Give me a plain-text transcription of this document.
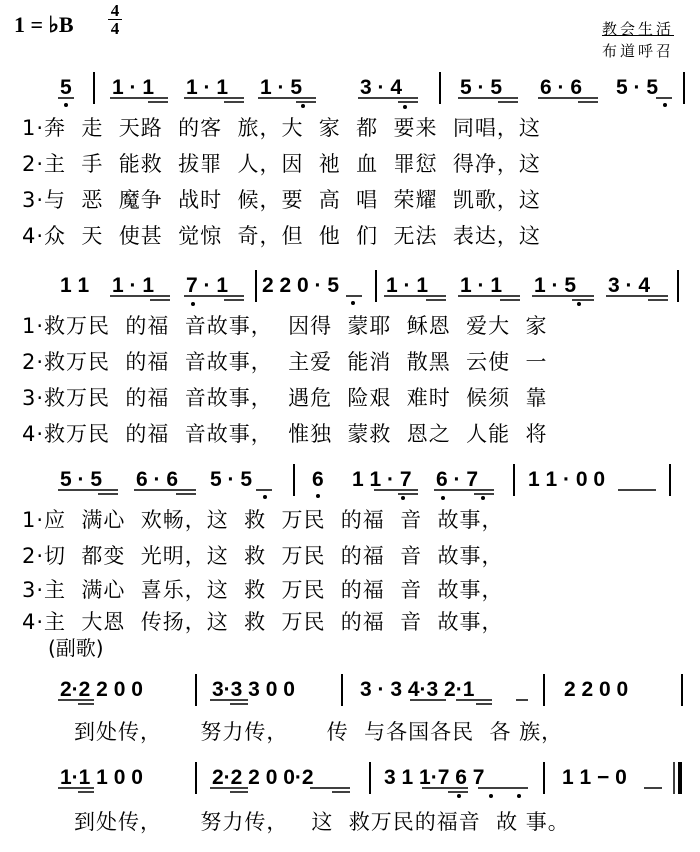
1 = ♭B $\frac{4}{4}$	教会生活
布道呼召
5 1 · 1 1 · 1 1 · 5	3 · 4	5 · 5 6 · 6 5 · 5
1·奔  走  天路  的客  旅，大  家  都  要来  同唱，这
2·主  手  能救  拔罪  人，因  祂  血  罪愆  得净，这
3·与  恶  魔争  战时  候，要  高  唱  荣耀  凯歌，这
4·众  天  使甚  觉惊  奇，但  他  们  无法  表达，这
1 1 1 · 1 7 · 1 2 2 0 · 5 1 · 1 1 · 1 1 · 5 3 · 4
1·救万民  的福  音故事，  因得  蒙耶  稣恩  爱大  家
2·救万民  的福  音故事，  主爱  能消  散黑  云使  一
3·救万民  的福  音故事，  遇危  险艰  难时  候须  靠
4·救万民  的福  音故事，  惟独  蒙救  恩之  人能  将
5 · 5 6 · 6 5 · 5	6 1 1 · 7 6 · 7 1 1 · 0 0
1·应  满心  欢畅，这  救  万民  的福  音  故事，
2·切  都变  光明，这  救  万民  的福  音  故事，
3·主  满心  喜乐，这  救  万民  的福  音  故事，
4·主  大恩  传扬，这  救  万民  的福  音  故事，
(副歌)
2·2 2 0 0	3·3 3 0 0	3 · 3 4·3 2·1	2 2 0 0
到处传，     努力传，     传  与各国各民  各 族，
1·1 1 0 0	2·2 2 0 0·2	3 1 1·7 6 7	1 1 − 0
到处传，     努力传，   这  救万民的福音  故 事。
